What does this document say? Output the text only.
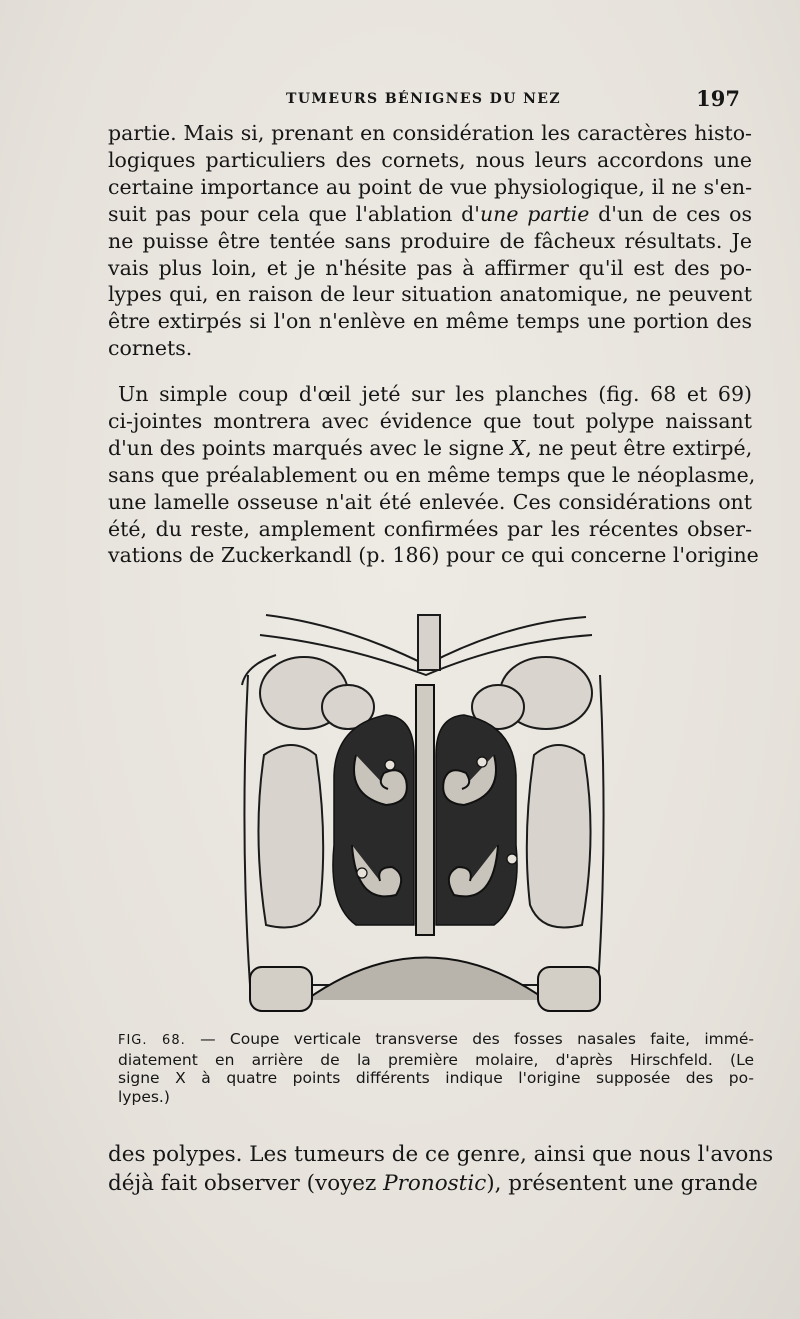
TUMEURS BÉNIGNES DU NEZ	197

partie. Mais si, prenant en considération les caractères histo-
logiques particuliers des cornets, nous leurs accordons une
certaine importance au point de vue physiologique, il ne s'en-
suit pas pour cela que l'ablation d'une partie d'un de ces os
ne puisse être tentée sans produire de fâcheux résultats. Je
vais plus loin, et je n'hésite pas à affirmer qu'il est des po-
lypes qui, en raison de leur situation anatomique, ne peuvent
être extirpés si l'on n'enlève en même temps une portion des
cornets.

Un simple coup d'œil jeté sur les planches (fig. 68 et 69)
ci-jointes montrera avec évidence que tout polype naissant
d'un des points marqués avec le signe X, ne peut être extirpé,
sans que préalablement ou en même temps que le néoplasme,
une lamelle osseuse n'ait été enlevée. Ces considérations ont
été, du reste, amplement confirmées par les récentes obser-
vations de Zuckerkandl (p. 186) pour ce qui concerne l'origine

FIG. 68. — Coupe verticale transverse des fosses nasales faite, immé-
diatement en arrière de la première molaire, d'après Hirschfeld. (Le
signe X à quatre points différents indique l'origine supposée des po-
lypes.)

des polypes. Les tumeurs de ce genre, ainsi que nous l'avons
déjà fait observer (voyez Pronostic), présentent une grande
